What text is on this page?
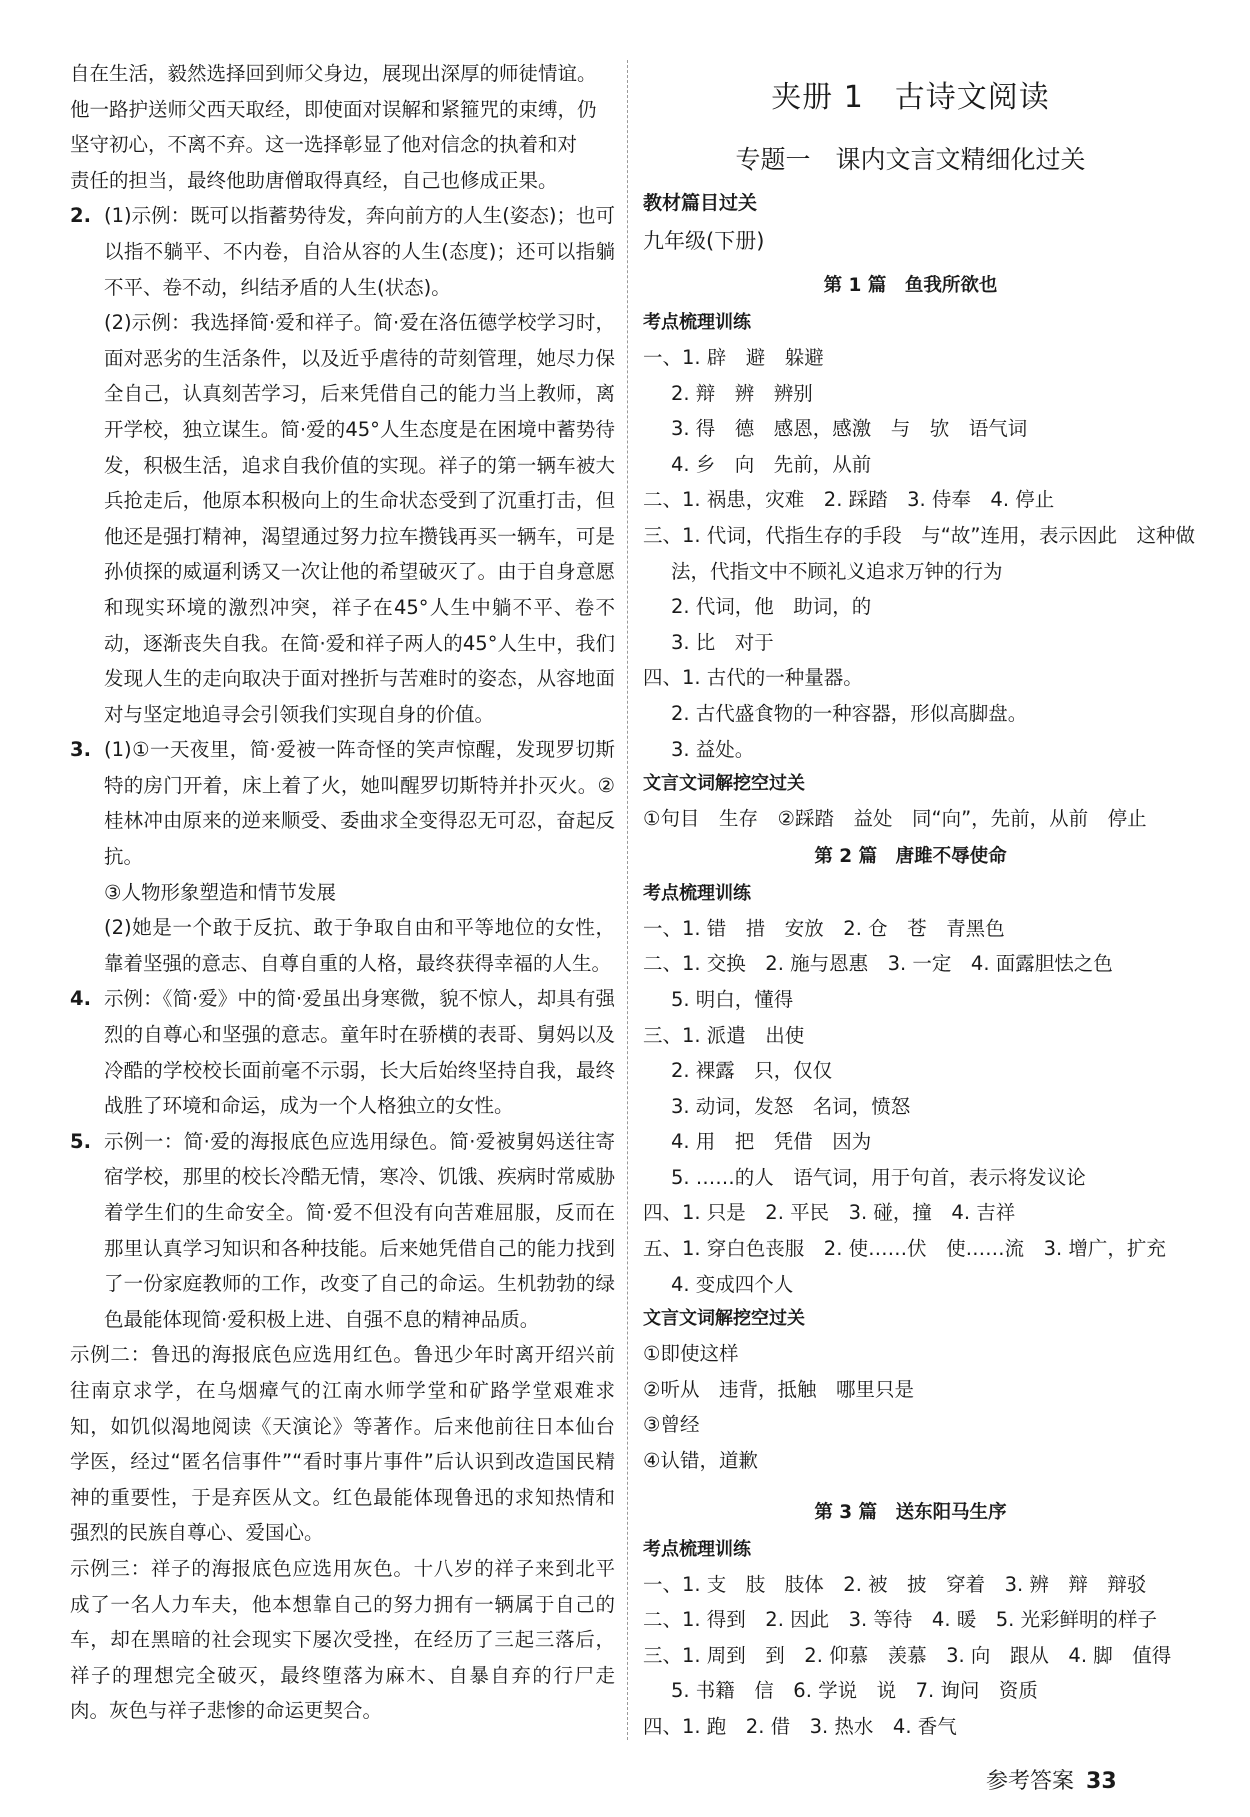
自在生活，毅然选择回到师父身边，展现出深厚的师徒情谊。
他一路护送师父西天取经，即使面对误解和紧箍咒的束缚，仍
坚守初心，不离不弃。这一选择彰显了他对信念的执着和对
责任的担当，最终他助唐僧取得真经，自己也修成正果。
2. (1)示例：既可以指蓄势待发，奔向前方的人生(姿态)；也可以指不躺平、不内卷，自洽从容的人生(态度)；还可以指躺不平、卷不动，纠结矛盾的人生(状态)。
(2)示例：我选择简·爱和祥子。简·爱在洛伍德学校学习时，面对恶劣的生活条件，以及近乎虐待的苛刻管理，她尽力保全自己，认真刻苦学习，后来凭借自己的能力当上教师，离开学校，独立谋生。简·爱的45°人生态度是在困境中蓄势待发，积极生活，追求自我价值的实现。祥子的第一辆车被大兵抢走后，他原本积极向上的生命状态受到了沉重打击，但他还是强打精神，渴望通过努力拉车攒钱再买一辆车，可是孙侦探的威逼利诱又一次让他的希望破灭了。由于自身意愿和现实环境的激烈冲突，祥子在45°人生中躺不平、卷不动，逐渐丧失自我。在简·爱和祥子两人的45°人生中，我们发现人生的走向取决于面对挫折与苦难时的姿态，从容地面对与坚定地追寻会引领我们实现自身的价值。
3. (1)①一天夜里，简·爱被一阵奇怪的笑声惊醒，发现罗切斯特的房门开着，床上着了火，她叫醒罗切斯特并扑灭火。②桂林冲由原来的逆来顺受、委曲求全变得忍无可忍，奋起反抗。
③人物形象塑造和情节发展
(2)她是一个敢于反抗、敢于争取自由和平等地位的女性，靠着坚强的意志、自尊自重的人格，最终获得幸福的人生。
4. 示例：《简·爱》中的简·爱虽出身寒微，貌不惊人，却具有强烈的自尊心和坚强的意志。童年时在骄横的表哥、舅妈以及冷酷的学校校长面前毫不示弱，长大后始终坚持自我，最终战胜了环境和命运，成为一个人格独立的女性。
5. 示例一：简·爱的海报底色应选用绿色。简·爱被舅妈送往寄宿学校，那里的校长冷酷无情，寒冷、饥饿、疾病时常威胁着学生们的生命安全。简·爱不但没有向苦难屈服，反而在那里认真学习知识和各种技能。后来她凭借自己的能力找到了一份家庭教师的工作，改变了自己的命运。生机勃勃的绿色最能体现简·爱积极上进、自强不息的精神品质。
示例二：鲁迅的海报底色应选用红色。鲁迅少年时离开绍兴前往南京求学，在乌烟瘴气的江南水师学堂和矿路学堂艰难求知，如饥似渴地阅读《天演论》等著作。后来他前往日本仙台学医，经过“匿名信事件”“看时事片事件”后认识到改造国民精神的重要性，于是弃医从文。红色最能体现鲁迅的求知热情和强烈的民族自尊心、爱国心。
示例三：祥子的海报底色应选用灰色。十八岁的祥子来到北平成了一名人力车夫，他本想靠自己的努力拥有一辆属于自己的车，却在黑暗的社会现实下屡次受挫，在经历了三起三落后，祥子的理想完全破灭，最终堕落为麻木、自暴自弃的行尸走肉。灰色与祥子悲惨的命运更契合。
夹册 1　古诗文阅读
专题一　课内文言文精细化过关
教材篇目过关
九年级(下册)
第 1 篇　鱼我所欲也
考点梳理训练
一、1. 辟　避　躲避
2. 辩　辨　辨别
3. 得　德　感恩，感激　与　欤　语气词
4. 乡　向　先前，从前
二、1. 祸患，灾难　2. 踩踏　3. 侍奉　4. 停止
三、1. 代词，代指生存的手段　与“故”连用，表示因此　这种做
法，代指文中不顾礼义追求万钟的行为
2. 代词，他　助词，的
3. 比　对于
四、1. 古代的一种量器。
2. 古代盛食物的一种容器，形似高脚盘。
3. 益处。
文言文词解挖空过关
①句目　生存　②踩踏　益处　同“向”，先前，从前　停止
第 2 篇　唐雎不辱使命
考点梳理训练
一、1. 错　措　安放　2. 仓　苍　青黑色
二、1. 交换　2. 施与恩惠　3. 一定　4. 面露胆怯之色
5. 明白，懂得
三、1. 派遣　出使
2. 裸露　只，仅仅
3. 动词，发怒　名词，愤怒
4. 用　把　凭借　因为
5. ……的人　语气词，用于句首，表示将发议论
四、1. 只是　2. 平民　3. 碰，撞　4. 吉祥
五、1. 穿白色丧服　2. 使……伏　使……流　3. 增广，扩充
4. 变成四个人
文言文词解挖空过关
①即使这样
②听从　违背，抵触　哪里只是
③曾经
④认错，道歉
第 3 篇　送东阳马生序
考点梳理训练
一、1. 支　肢　肢体　2. 被　披　穿着　3. 辨　辩　辩驳
二、1. 得到　2. 因此　3. 等待　4. 暖　5. 光彩鲜明的样子
三、1. 周到　到　2. 仰慕　羡慕　3. 向　跟从　4. 脚　值得
5. 书籍　信　6. 学说　说　7. 询问　资质
四、1. 跑　2. 借　3. 热水　4. 香气
参考答案 33
